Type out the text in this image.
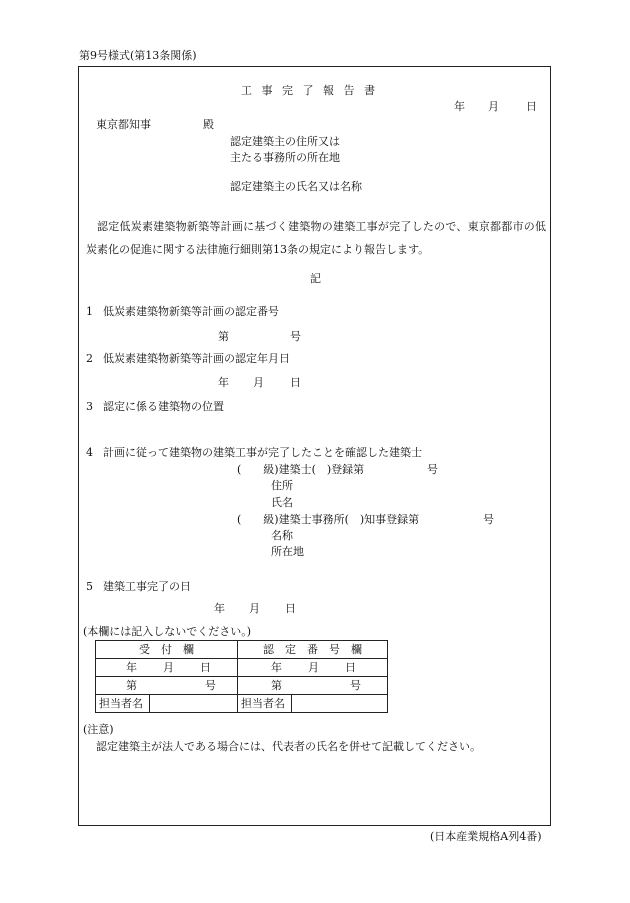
第9号様式(第13条関係)
工 事 完 了 報 告 書
年 月 日
東京都知事	殿
認定建築主の住所又は
主たる事務所の所在地
認定建築主の氏名又は名称
認定低炭素建築物新築等計画に基づく建築物の建築工事が完了したので、東京都都市の低炭素化の促進に関する法律施行細則第13条の規定により報告します。
記
1 低炭素建築物新築等計画の認定番号
第	号
2 低炭素建築物新築等計画の認定年月日
年 月 日
3 認定に係る建築物の位置
4 計画に従って建築物の建築工事が完了したことを確認した建築士
(　　級)建築士(　)登録第	号
住所
氏名
(　　級)建築士事務所(　)知事登録第	号
名称
所在地
5 建築工事完了の日
年 月 日
(本欄には記入しないでください。)
受　付　欄		認　定　番　号　欄	
年 月 日		年 月 日	
第 号		第 号	
担当者名		担当者名	
(注意)
認定建築主が法人である場合には、代表者の氏名を併せて記載してください。
(日本産業規格A列4番)
